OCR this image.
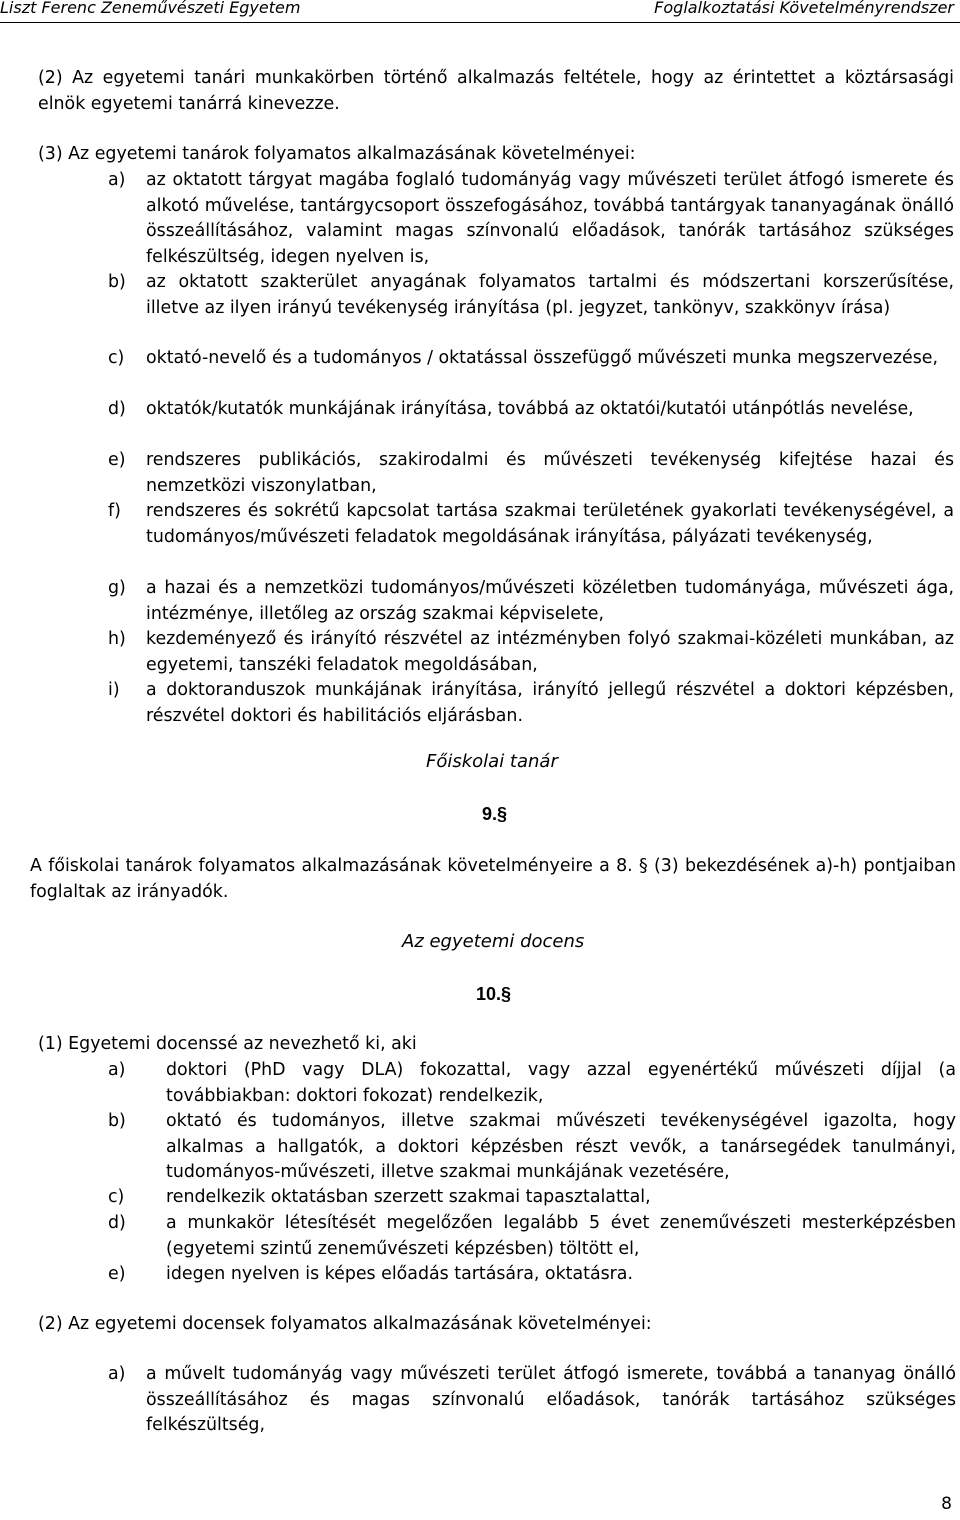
Liszt Ferenc Zeneművészeti Egyetem	Foglalkoztatási Követelményrendszer

(2) Az egyetemi tanári munkakörben történő alkalmazás feltétele, hogy az érintettet a köztársasági elnök egyetemi tanárrá kinevezze.

(3) Az egyetemi tanárok folyamatos alkalmazásának követelményei:

a) az oktatott tárgyat magába foglaló tudományág vagy művészeti terület átfogó ismerete és alkotó művelése, tantárgycsoport összefogásához, továbbá tantárgyak tananyagának önálló összeállításához, valamint magas színvonalú előadások, tanórák tartásához szükséges felkészültség, idegen nyelven is,

b) az oktatott szakterület anyagának folyamatos tartalmi és módszertani korszerűsítése, illetve az ilyen irányú tevékenység irányítása (pl. jegyzet, tankönyv, szakkönyv írása)

c) oktató-nevelő és a tudományos / oktatással összefüggő művészeti munka megszervezése,

d) oktatók/kutatók munkájának irányítása, továbbá az oktatói/kutatói utánpótlás nevelése,

e) rendszeres publikációs, szakirodalmi és művészeti tevékenység kifejtése hazai és nemzetközi viszonylatban,

f) rendszeres és sokrétű kapcsolat tartása szakmai területének gyakorlati tevékenységével, a tudományos/művészeti feladatok megoldásának irányítása, pályázati tevékenység,

g) a hazai és a nemzetközi tudományos/művészeti közéletben tudományága, művészeti ága, intézménye, illetőleg az ország szakmai képviselete,

h) kezdeményező és irányító részvétel az intézményben folyó szakmai-közéleti munkában, az egyetemi, tanszéki feladatok megoldásában,

i) a doktoranduszok munkájának irányítása, irányító jellegű részvétel a doktori képzésben, részvétel doktori és habilitációs eljárásban.

Főiskolai tanár
9.§

A főiskolai tanárok folyamatos alkalmazásának követelményeire a 8. § (3) bekezdésének a)-h) pontjaiban foglaltak az irányadók.

Az egyetemi docens
10.§

(1) Egyetemi docenssé az nevezhető ki, aki

a) doktori (PhD vagy DLA) fokozattal, vagy azzal egyenértékű művészeti díjjal (a továbbiakban: doktori fokozat) rendelkezik,

b) oktató és tudományos, illetve szakmai művészeti tevékenységével igazolta, hogy alkalmas a hallgatók, a doktori képzésben részt vevők, a tanársegédek tanulmányi, tudományos-művészeti, illetve szakmai munkájának vezetésére,

c) rendelkezik oktatásban szerzett szakmai tapasztalattal,

d) a munkakör létesítését megelőzően legalább 5 évet zeneművészeti mesterképzésben (egyetemi szintű zeneművészeti képzésben) töltött el,

e) idegen nyelven is képes előadás tartására, oktatásra.

(2) Az egyetemi docensek folyamatos alkalmazásának követelményei:

a) a művelt tudományág vagy művészeti terület átfogó ismerete, továbbá a tananyag önálló összeállításához és magas színvonalú előadások, tanórák tartásához szükséges felkészültség,

8
